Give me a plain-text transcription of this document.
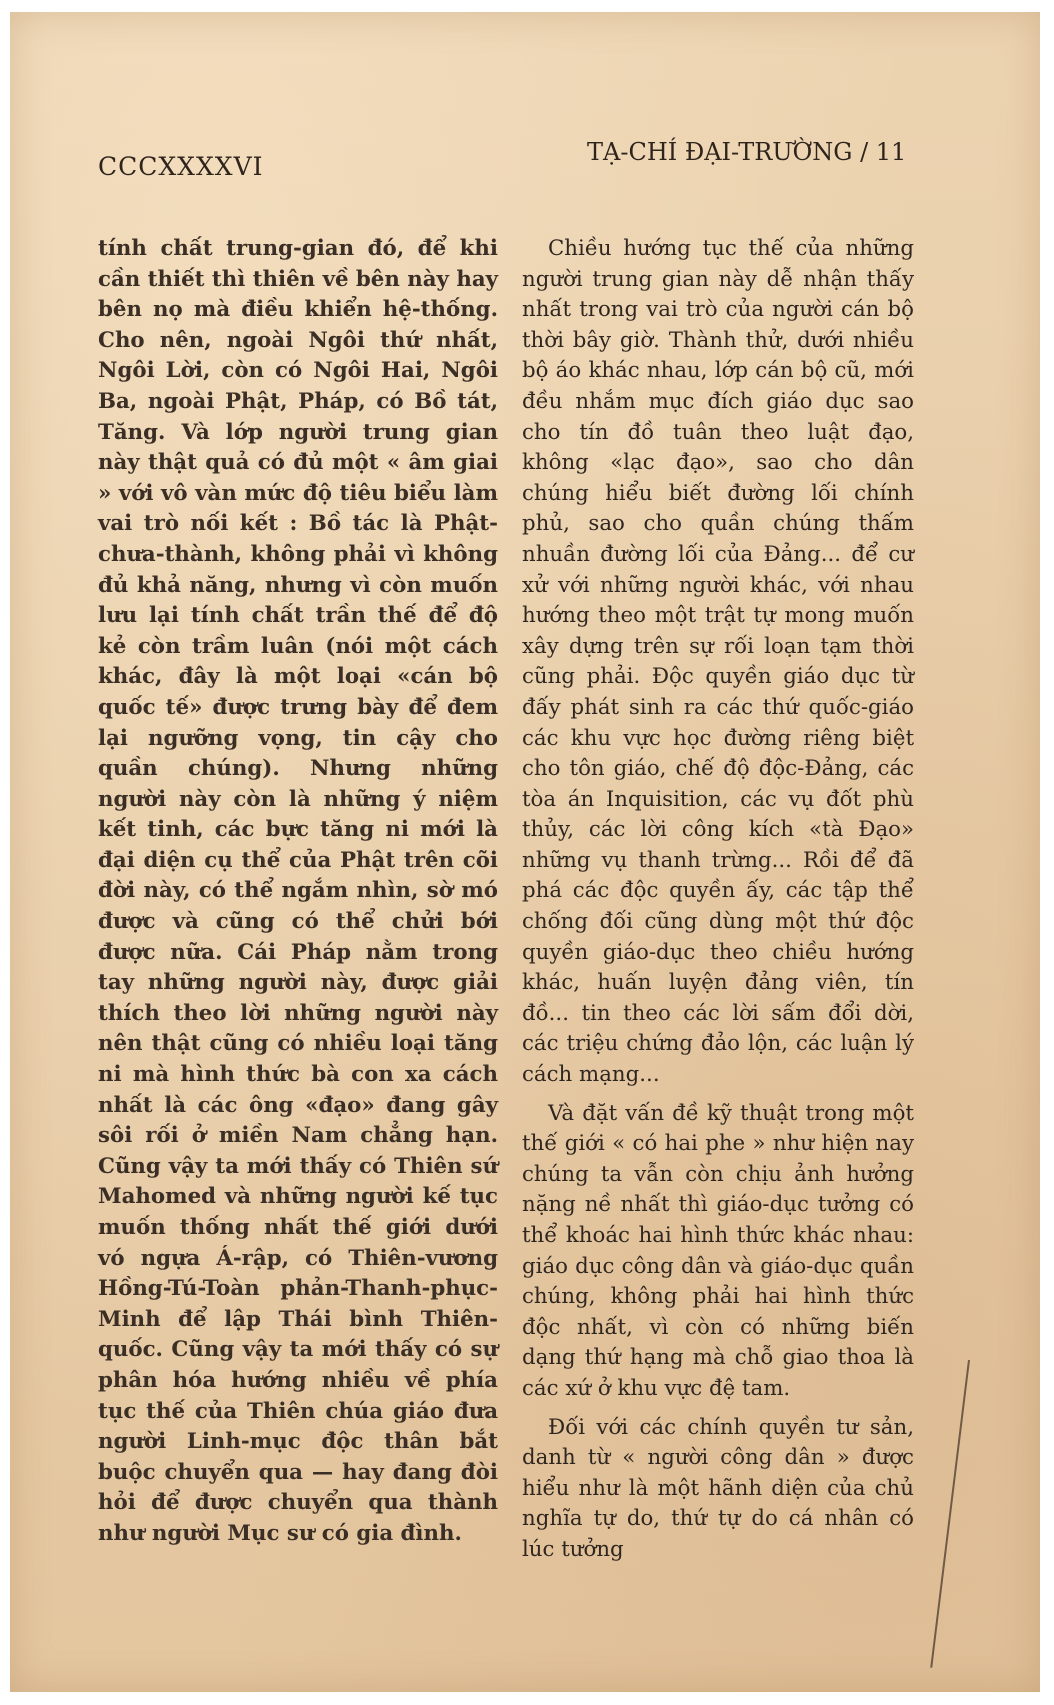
CCCXXXXVI	TẠ-CHÍ ĐẠI-TRƯỜNG / 11

tính chất trung-gian đó, để khi cần thiết thì thiên về bên này hay bên nọ mà điều khiển hệ-thống. Cho nên, ngoài Ngôi thứ nhất, Ngôi Lời, còn có Ngôi Hai, Ngôi Ba, ngoài Phật, Pháp, có Bồ tát, Tăng. Và lớp người trung gian này thật quả có đủ một « âm giai » với vô vàn mức độ tiêu biểu làm vai trò nối kết : Bồ tác là Phật-chưa-thành, không phải vì không đủ khả năng, nhưng vì còn muốn lưu lại tính chất trần thế để độ kẻ còn trầm luân (nói một cách khác, đây là một loại «cán bộ quốc tế» được trưng bày để đem lại ngưỡng vọng, tin cậy cho quần chúng). Nhưng những người này còn là những ý niệm kết tinh, các bực tăng ni mới là đại diện cụ thể của Phật trên cõi đời này, có thể ngắm nhìn, sờ mó được và cũng có thể chửi bới được nữa. Cái Pháp nằm trong tay những người này, được giải thích theo lời những người này nên thật cũng có nhiều loại tăng ni mà hình thức bà con xa cách nhất là các ông «đạo» đang gây sôi rối ở miền Nam chẳng hạn. Cũng vậy ta mới thấy có Thiên sứ Mahomed và những người kế tục muốn thống nhất thế giới dưới vó ngựa Á-rập, có Thiên-vương Hồng-Tú-Toàn phản-Thanh-phục-Minh để lập Thái bình Thiên-quốc. Cũng vậy ta mới thấy có sự phân hóa hướng nhiều về phía tục thế của Thiên chúa giáo đưa người Linh-mục độc thân bắt buộc chuyển qua — hay đang đòi hỏi để được chuyển qua thành như người Mục sư có gia đình.

Chiều hướng tục thế của những người trung gian này dễ nhận thấy nhất trong vai trò của người cán bộ thời bây giờ. Thành thử, dưới nhiều bộ áo khác nhau, lớp cán bộ cũ, mới đều nhắm mục đích giáo dục sao cho tín đồ tuân theo luật đạo, không «lạc đạo», sao cho dân chúng hiểu biết đường lối chính phủ, sao cho quần chúng thấm nhuần đường lối của Đảng... để cư xử với những người khác, với nhau hướng theo một trật tự mong muốn xây dựng trên sự rối loạn tạm thời cũng phải. Độc quyền giáo dục từ đấy phát sinh ra các thứ quốc-giáo các khu vực học đường riêng biệt cho tôn giáo, chế độ độc-Đảng, các tòa án Inquisition, các vụ đốt phù thủy, các lời công kích «tà Đạo» những vụ thanh trừng... Rồi để đã phá các độc quyền ấy, các tập thể chống đối cũng dùng một thứ độc quyền giáo-dục theo chiều hướng khác, huấn luyện đảng viên, tín đồ... tin theo các lời sấm đổi dời, các triệu chứng đảo lộn, các luận lý cách mạng...

Và đặt vấn đề kỹ thuật trong một thế giới « có hai phe » như hiện nay chúng ta vẫn còn chịu ảnh hưởng nặng nề nhất thì giáo-dục tưởng có thể khoác hai hình thức khác nhau: giáo dục công dân và giáo-dục quần chúng, không phải hai hình thức độc nhất, vì còn có những biến dạng thứ hạng mà chỗ giao thoa là các xứ ở khu vực đệ tam.

Đối với các chính quyền tư sản, danh từ « người công dân » được hiểu như là một hãnh diện của chủ nghĩa tự do, thứ tự do cá nhân có lúc tưởng
